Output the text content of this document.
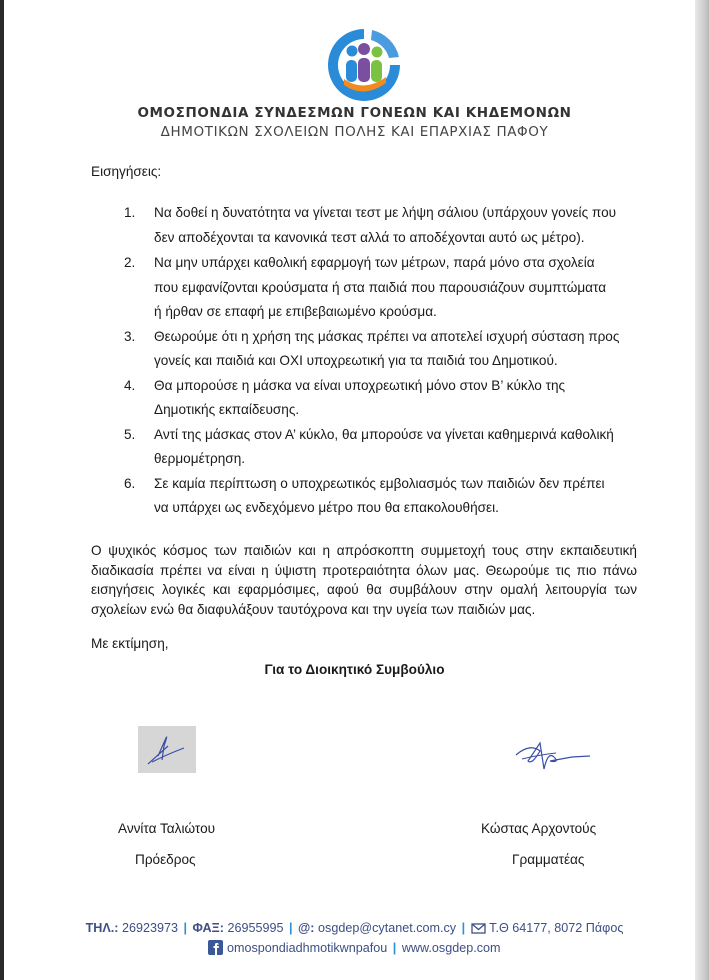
ΟΜΟΣΠΟΝΔΙΑ ΣΥΝΔΕΣΜΩΝ ΓΟΝΕΩΝ ΚΑΙ ΚΗΔΕΜΟΝΩΝ
ΔΗΜΟΤΙΚΩΝ ΣΧΟΛΕΙΩΝ ΠΟΛΗΣ ΚΑΙ ΕΠΑΡΧΙΑΣ ΠΑΦΟΥ

Εισηγήσεις:

1. Να δοθεί η δυνατότητα να γίνεται τεστ με λήψη σάλιου (υπάρχουν γονείς που
δεν αποδέχονται τα κανονικά τεστ αλλά το αποδέχονται αυτό ως μέτρο).
2. Να μην υπάρχει καθολική εφαρμογή των μέτρων, παρά μόνο στα σχολεία
που εμφανίζονται κρούσματα ή στα παιδιά που παρουσιάζουν συμπτώματα
ή ήρθαν σε επαφή με επιβεβαιωμένο κρούσμα.
3. Θεωρούμε ότι η χρήση της μάσκας πρέπει να αποτελεί ισχυρή σύσταση προς
γονείς και παιδιά και ΟΧΙ υποχρεωτική για τα παιδιά του Δημοτικού.
4. Θα μπορούσε η μάσκα να είναι υποχρεωτική μόνο στον Β’ κύκλο της
Δημοτικής εκπαίδευσης.
5. Αντί της μάσκας στον Α’ κύκλο, θα μπορούσε να γίνεται καθημερινά καθολική
θερμομέτρηση.
6. Σε καμία περίπτωση ο υποχρεωτικός εμβολιασμός των παιδιών δεν πρέπει
να υπάρχει ως ενδεχόμενο μέτρο που θα επακολουθήσει.

Ο ψυχικός κόσμος των παιδιών και η απρόσκοπτη συμμετοχή τους στην εκπαιδευτική διαδικασία πρέπει να είναι η ύψιστη προτεραιότητα όλων μας. Θεωρούμε τις πιο πάνω εισηγήσεις λογικές και εφαρμόσιμες, αφού θα συμβάλουν στην ομαλή λειτουργία των σχολείων ενώ θα διαφυλάξουν ταυτόχρονα και την υγεία των παιδιών μας.

Με εκτίμηση,

Για το Διοικητικό Συμβούλιο

Αννίτα Ταλιώτου
Πρόεδρος
Κώστας Αρχοντούς
Γραμματέας
ΤΗΛ.: 26923973 | ΦΑΞ: 26955995 | @: osgdep@cytanet.com.cy | Τ.Θ 64177, 8072 Πάφος
omospondiadhmotikwnpafou | www.osgdep.com
